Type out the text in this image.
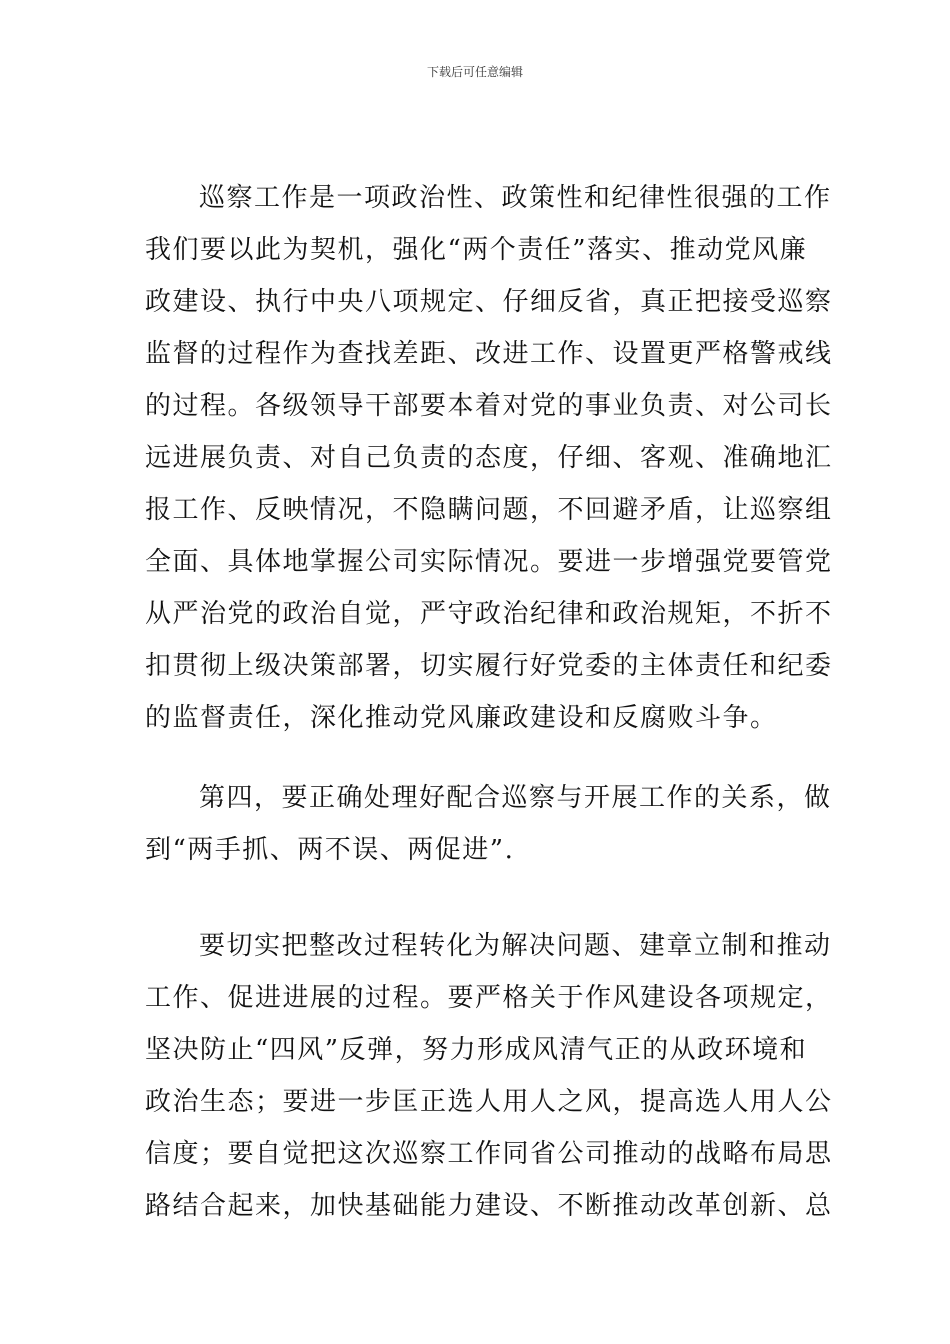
下载后可任意编辑
巡察工作是一项政治性、政策性和纪律性很强的工作
我们要以此为契机，强化“两个责任”落实、推动党风廉
政建设、执行中央八项规定、仔细反省，真正把接受巡察
监督的过程作为查找差距、改进工作、设置更严格警戒线
的过程。各级领导干部要本着对党的事业负责、对公司长
远进展负责、对自己负责的态度，仔细、客观、准确地汇
报工作、反映情况，不隐瞒问题，不回避矛盾，让巡察组
全面、具体地掌握公司实际情况。要进一步增强党要管党
从严治党的政治自觉，严守政治纪律和政治规矩，不折不
扣贯彻上级决策部署，切实履行好党委的主体责任和纪委
的监督责任，深化推动党风廉政建设和反腐败斗争。
第四，要正确处理好配合巡察与开展工作的关系，做
到“两手抓、两不误、两促进”.
要切实把整改过程转化为解决问题、建章立制和推动
工作、促进进展的过程。要严格关于作风建设各项规定，
坚决防止“四风”反弹，努力形成风清气正的从政环境和
政治生态；要进一步匡正选人用人之风，提高选人用人公
信度；要自觉把这次巡察工作同省公司推动的战略布局思
路结合起来，加快基础能力建设、不断推动改革创新、总
